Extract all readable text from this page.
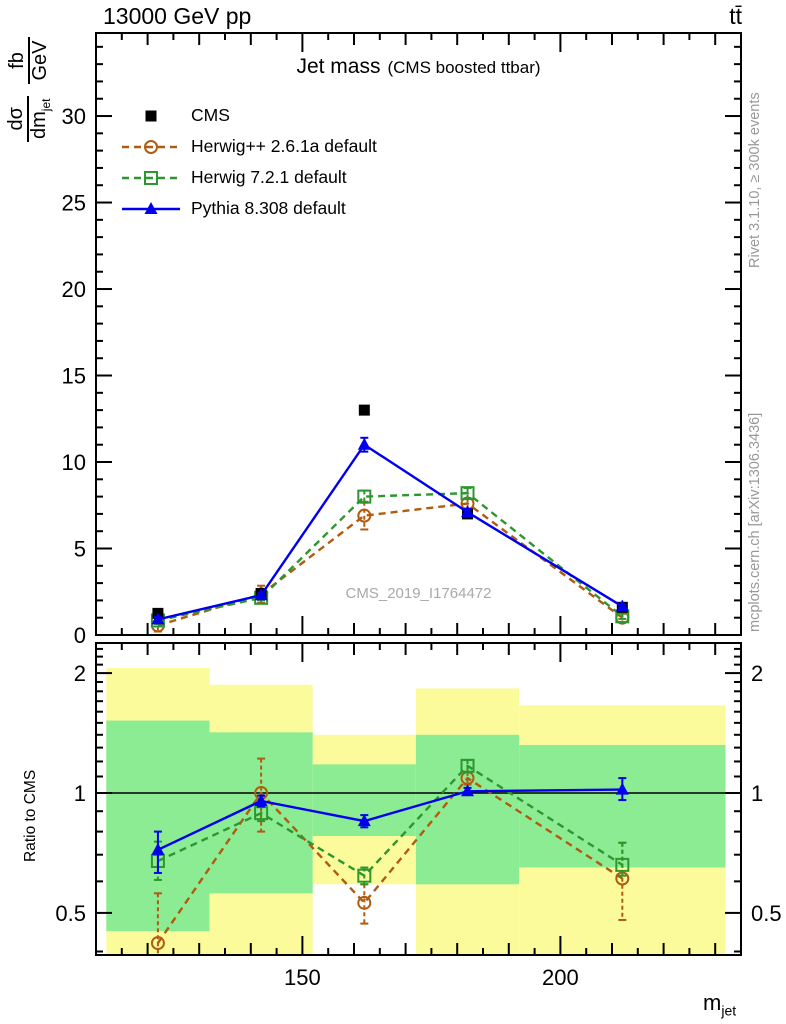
0
5
10
15
20
25
30
0.5	0.5
1	1
2	2
150	200
13000 GeV pp	tt̄
Jet mass (CMS boosted ttbar)
CMS
Herwig++ 2.6.1a default
Herwig 7.2.1 default
Pythia 8.308 default
CMS_2019_I1764472
dσ $dm_{jet}$
fb GeV
Ratio to CMS
Rivet 3.1.10, ≥ 300k events
mcplots.cern.ch [arXiv:1306.3436]
$m_{jet}$
